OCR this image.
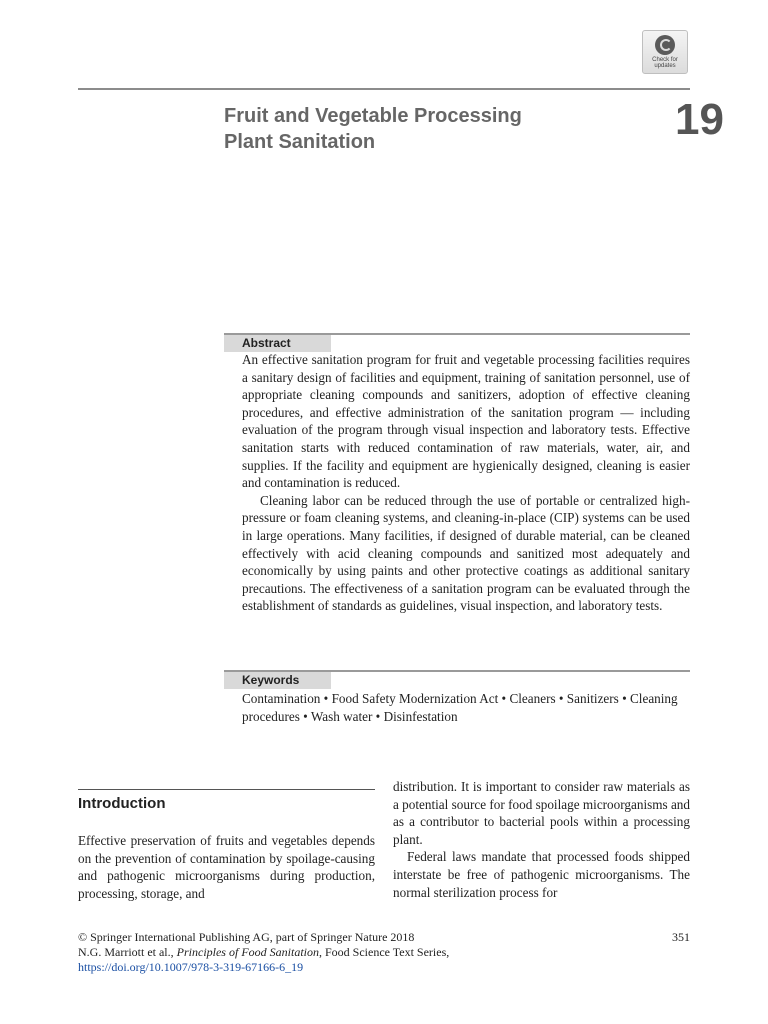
Check for
updates
Fruit and Vegetable Processing
Plant Sanitation	19
Abstract

An effective sanitation program for fruit and vegetable processing facilities requires a sanitary design of facilities and equipment, training of sanitation personnel, use of appropriate cleaning compounds and sanitizers, adoption of effective cleaning procedures, and effective administration of the sanitation program — including evaluation of the program through visual inspection and laboratory tests. Effective sanitation starts with reduced contamination of raw materials, water, air, and supplies. If the facility and equipment are hygienically designed, cleaning is easier and contamination is reduced.

Cleaning labor can be reduced through the use of portable or centralized high-pressure or foam cleaning systems, and cleaning-in-place (CIP) systems can be used in large operations. Many facilities, if designed of durable material, can be cleaned effectively with acid cleaning compounds and sanitized most adequately and economically by using paints and other protective coatings as additional sanitary precautions. The effectiveness of a sanitation program can be evaluated through the establishment of standards as guidelines, visual inspection, and laboratory tests.

Keywords
Contamination • Food Safety Modernization Act • Cleaners • Sanitizers • Cleaning procedures • Wash water • Disinfestation
Introduction

Effective preservation of fruits and vegetables depends on the prevention of contamination by spoilage-causing and pathogenic microorganisms during production, processing, storage, and

distribution. It is important to consider raw materials as a potential source for food spoilage microorganisms and as a contributor to bacterial pools within a processing plant.

Federal laws mandate that processed foods shipped interstate be free of pathogenic microorganisms. The normal sterilization process for

© Springer International Publishing AG, part of Springer Nature 2018
N.G. Marriott et al., Principles of Food Sanitation, Food Science Text Series,
https://doi.org/10.1007/978-3-319-67166-6_19
351
